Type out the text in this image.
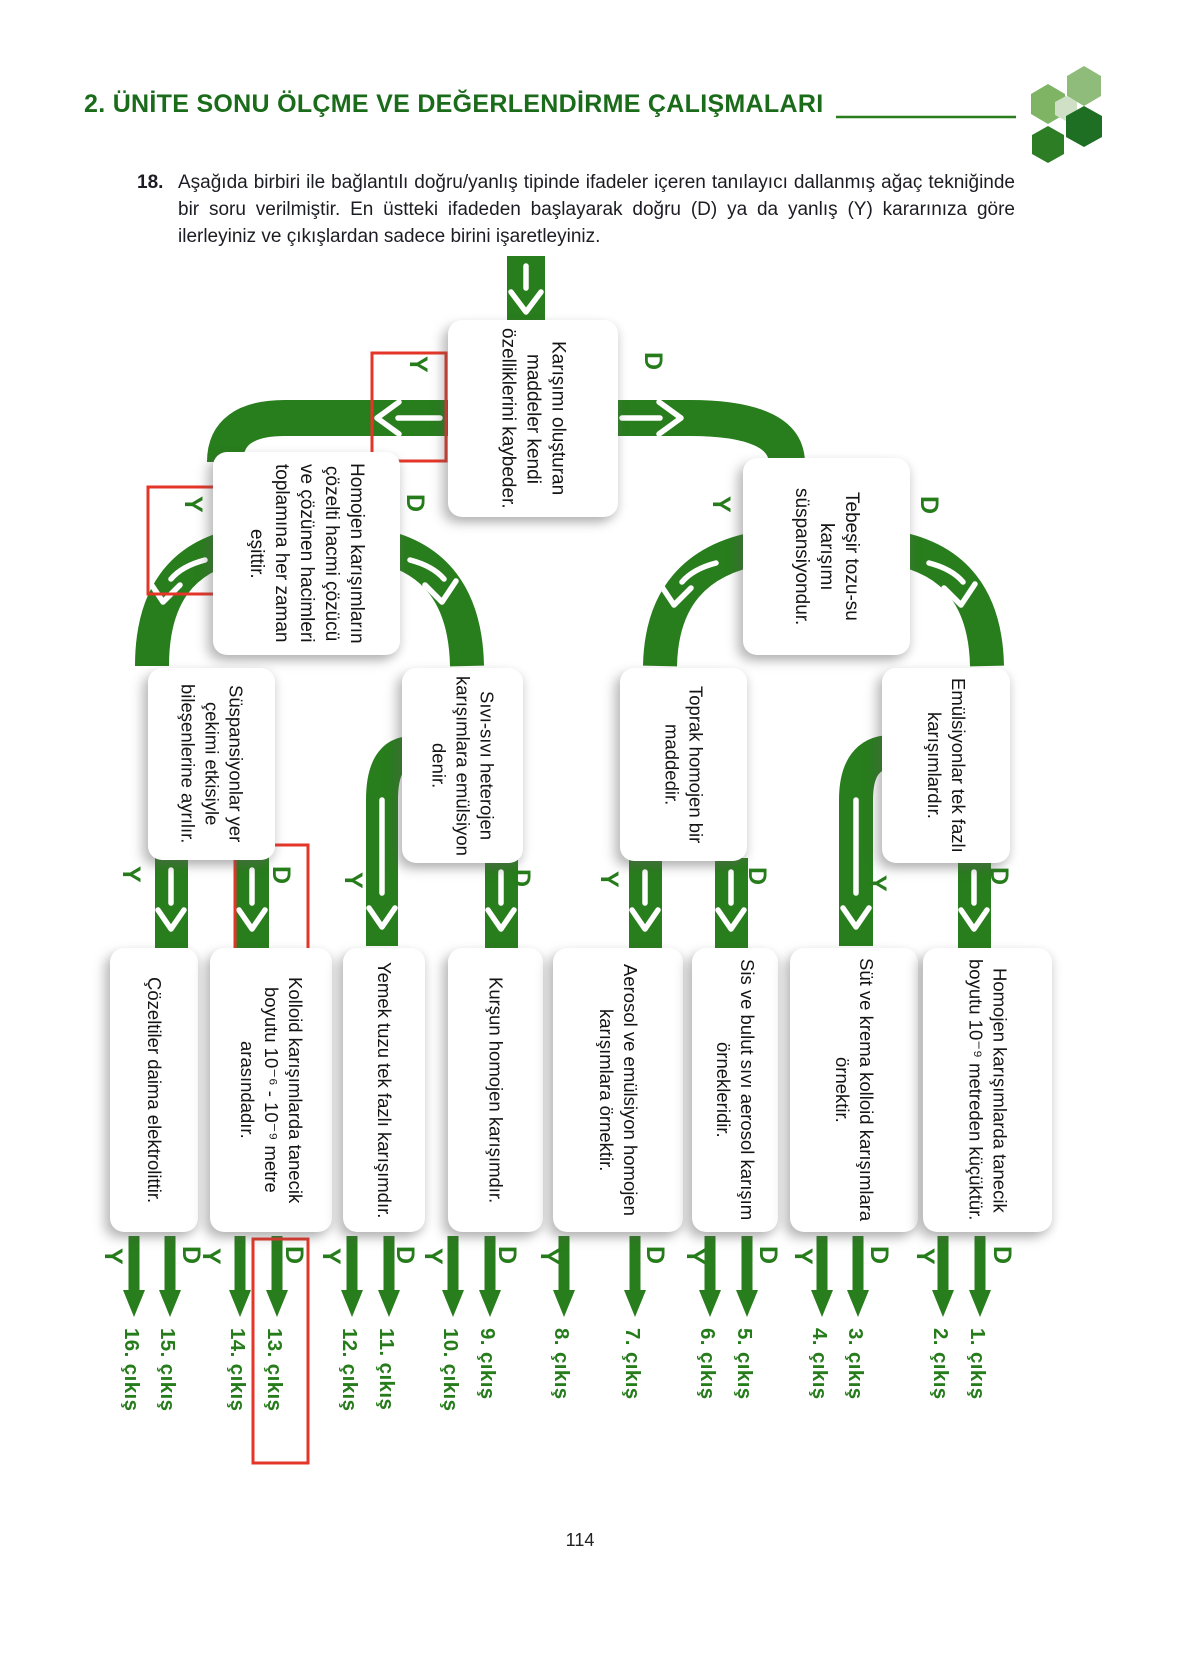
2. ÜNİTE SONU ÖLÇME VE DEĞERLENDİRME ÇALIŞMALARI
18. Aşağıda birbiri ile bağlantılı doğru/yanlış tipinde ifadeler içeren tanılayıcı dallanmış ağaç tekniğinde bir soru verilmiştir. En üstteki ifadeden başlayarak doğru (D) ya da yanlış (Y) kararınıza göre ilerleyiniz ve çıkışlardan sadece birini işaretleyiniz.
Karışımı oluşturan maddeler kendi özelliklerini kaybeder.
Homojen karışımların çözelti hacmi çözücü ve çözünen hacimleri toplamına her zaman eşittir.	Tebeşir tozu-su karışımı süspansiyondur.
Süspansiyonlar yer çekimi etkisiyle bileşenlerine ayrılır.	Sıvı-sıvı heterojen karışımlara emülsiyon denir.	Toprak homojen bir maddedir.	Emülsiyonlar tek fazlı karışımlardır.
Çözeltiler daima elektrolittir.	Kolloid karışımlarda tanecik boyutu 10⁻⁶ - 10⁻⁹ metre arasındadır.	Yemek tuzu tek fazlı karışımdır.	Kurşun homojen karışımdır.	Aerosol ve emülsiyon homojen karışımlara örnektir.	Sis ve bulut sıvı aerosol karışım örnekleridir.	Süt ve krema kolloid karışımlara örnektir.	Homojen karışımlarda tanecik boyutu 10⁻⁹ metreden küçüktür.
Y	D
Y	D	Y	D
Y	D Y	D Y	D	Y	D
Y D
Y D Y D Y D Y	D Y D Y D Y D
16. çıkış 15. çıkış 14. çıkış 13. çıkış	12. çıkış 11. çıkış 10. çıkış 9. çıkış 8. çıkış 7. çıkış	6. çıkış 5. çıkış	4. çıkış 3. çıkış	2. çıkış 1. çıkış
114
